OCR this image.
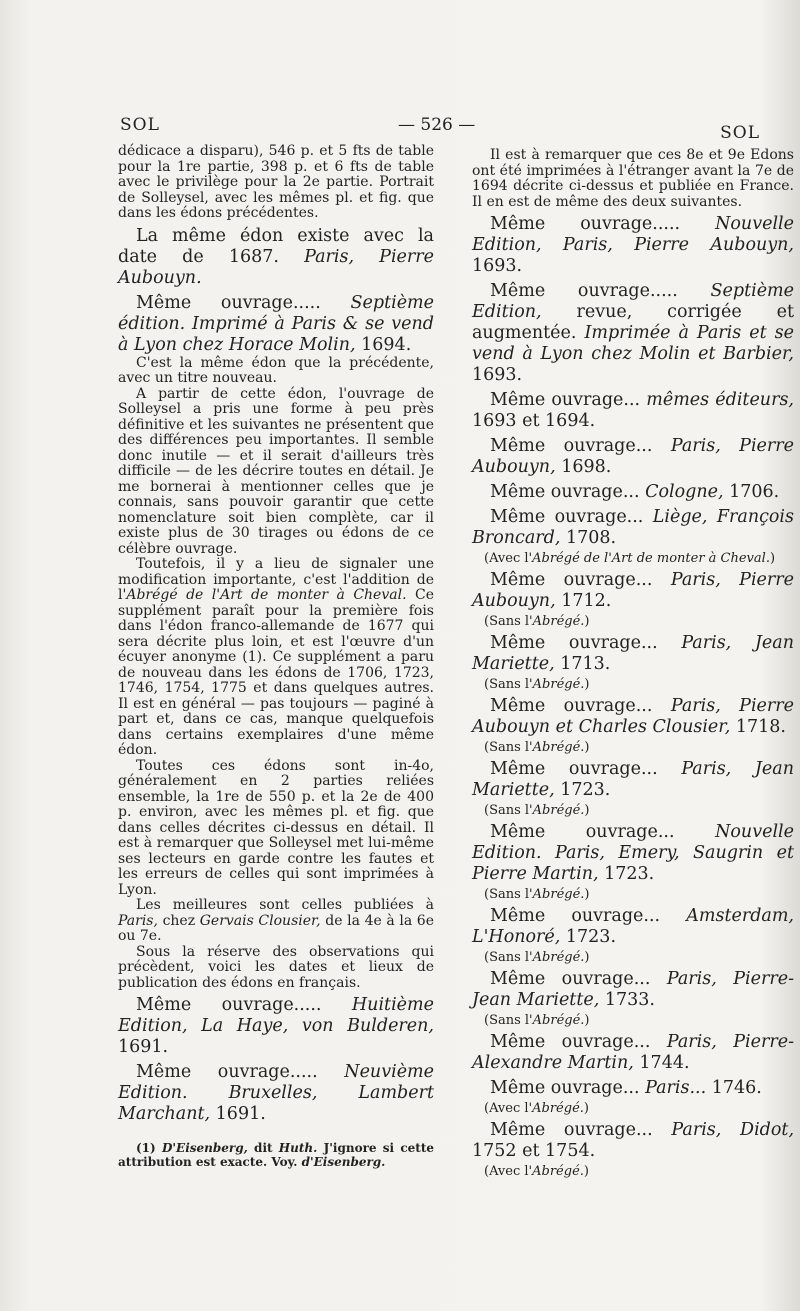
SOL	— 526 —	SOL

dédicace a disparu), 546 p. et 5 fts de table pour la 1re partie, 398 p. et 6 fts de table avec le privilège pour la 2e partie. Portrait de Solleysel, avec les mêmes pl. et fig. que dans les édons précédentes.

La même édon existe avec la date de 1687. Paris, Pierre Aubouyn.

Même ouvrage..... Septième édition. Imprimé à Paris & se vend à Lyon chez Horace Molin, 1694.

C'est la même édon que la précédente, avec un titre nouveau.

A partir de cette édon, l'ouvrage de Solleysel a pris une forme à peu près définitive et les suivantes ne présentent que des différences peu importantes. Il semble donc inutile — et il serait d'ailleurs très difficile — de les décrire toutes en détail. Je me bornerai à mentionner celles que je connais, sans pouvoir garantir que cette nomenclature soit bien complète, car il existe plus de 30 tirages ou édons de ce célèbre ouvrage.

Toutefois, il y a lieu de signaler une modification importante, c'est l'addition de l'Abrégé de l'Art de monter à Cheval. Ce supplément paraît pour la première fois dans l'édon franco-allemande de 1677 qui sera décrite plus loin, et est l'œuvre d'un écuyer anonyme (1). Ce supplément a paru de nouveau dans les édons de 1706, 1723, 1746, 1754, 1775 et dans quelques autres. Il est en général — pas toujours — paginé à part et, dans ce cas, manque quelquefois dans certains exemplaires d'une même édon.

Toutes ces édons sont in-4o, généralement en 2 parties reliées ensemble, la 1re de 550 p. et la 2e de 400 p. environ, avec les mêmes pl. et fig. que dans celles décrites ci-dessus en détail. Il est à remarquer que Solleysel met lui-même ses lecteurs en garde contre les fautes et les erreurs de celles qui sont imprimées à Lyon.

Les meilleures sont celles publiées à Paris, chez Gervais Clousier, de la 4e à la 6e ou 7e.

Sous la réserve des observations qui précèdent, voici les dates et lieux de publication des édons en français.

Même ouvrage..... Huitième Edition, La Haye, von Bulderen, 1691.

Même ouvrage..... Neuvième Edition. Bruxelles, Lambert Marchant, 1691.

(1) D'Eisenberg, dit Huth. J'ignore si cette attribution est exacte. Voy. d'Eisenberg.

Il est à remarquer que ces 8e et 9e Edons ont été imprimées à l'étranger avant la 7e de 1694 décrite ci-dessus et publiée en France. Il en est de même des deux suivantes.

Même ouvrage..... Nouvelle Edition, Paris, Pierre Aubouyn, 1693.

Même ouvrage..... Septième Edition, revue, corrigée et augmentée. Imprimée à Paris et se vend à Lyon chez Molin et Barbier, 1693.

Même ouvrage... mêmes éditeurs, 1693 et 1694.

Même ouvrage... Paris, Pierre Aubouyn, 1698.

Même ouvrage... Cologne, 1706.

Même ouvrage... Liège, François Broncard, 1708.

(Avec l'Abrégé de l'Art de monter à Cheval.)

Même ouvrage... Paris, Pierre Aubouyn, 1712.

(Sans l'Abrégé.)

Même ouvrage... Paris, Jean Mariette, 1713.

(Sans l'Abrégé.)

Même ouvrage... Paris, Pierre Aubouyn et Charles Clousier, 1718.

(Sans l'Abrégé.)

Même ouvrage... Paris, Jean Mariette, 1723.

(Sans l'Abrégé.)

Même ouvrage... Nouvelle Edition. Paris, Emery, Saugrin et Pierre Martin, 1723.

(Sans l'Abrégé.)

Même ouvrage... Amsterdam, L'Honoré, 1723.

(Sans l'Abrégé.)

Même ouvrage... Paris, Pierre-Jean Mariette, 1733.

(Sans l'Abrégé.)

Même ouvrage... Paris, Pierre-Alexandre Martin, 1744.

Même ouvrage... Paris... 1746.

(Avec l'Abrégé.)

Même ouvrage... Paris, Didot, 1752 et 1754.

(Avec l'Abrégé.)
